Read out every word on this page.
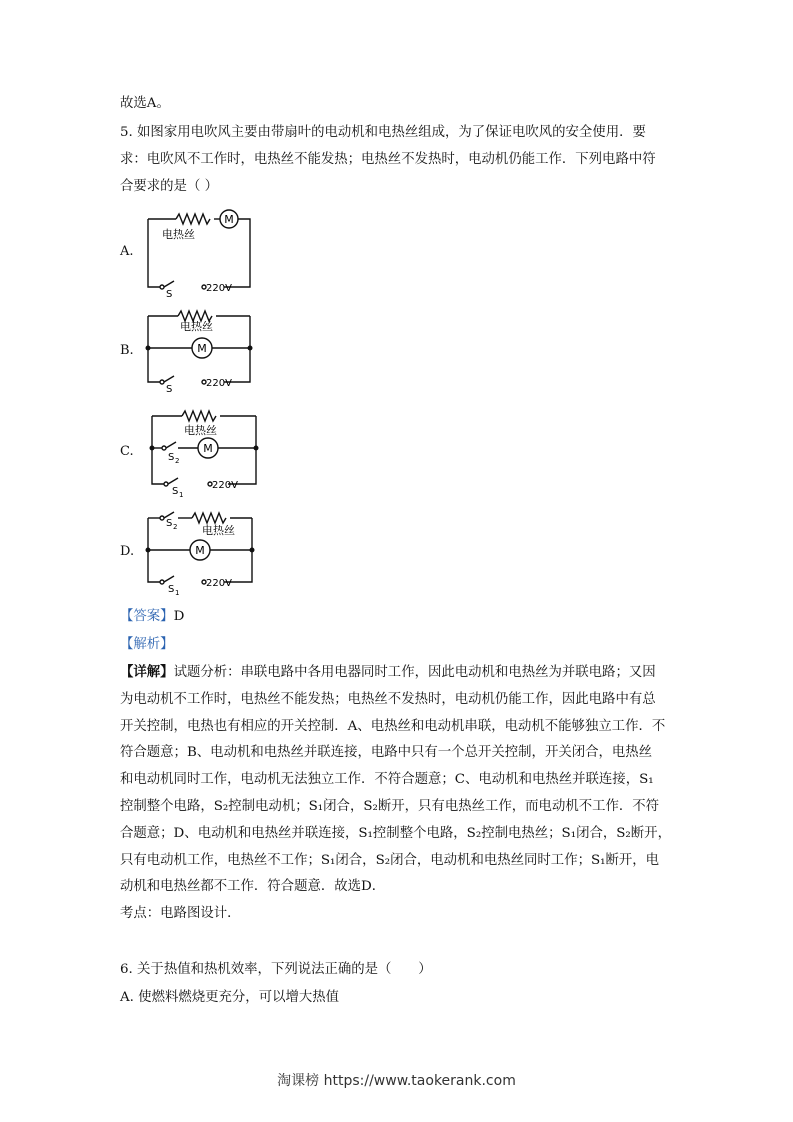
故选A。
5. 如图家用电吹风主要由带扇叶的电动机和电热丝组成，为了保证电吹风的安全使用．要
求：电吹风不工作时，电热丝不能发热；电热丝不发热时，电动机仍能工作．下列电路中符
合要求的是（ ）
A.
M
电热丝
S
220V
B.
电热丝
M
S
220V
C.
电热丝
M
S 2
S 1
220V
D.
S 2 电热丝
M
S 1
220V
【答案】D
【解析】
【详解】试题分析：串联电路中各用电器同时工作，因此电动机和电热丝为并联电路；又因
为电动机不工作时，电热丝不能发热；电热丝不发热时，电动机仍能工作，因此电路中有总
开关控制，电热也有相应的开关控制．A、电热丝和电动机串联，电动机不能够独立工作．不
符合题意；B、电动机和电热丝并联连接，电路中只有一个总开关控制，开关闭合，电热丝
和电动机同时工作，电动机无法独立工作．不符合题意；C、电动机和电热丝并联连接，S₁
控制整个电路，S₂控制电动机；S₁闭合，S₂断开，只有电热丝工作，而电动机不工作．不符
合题意；D、电动机和电热丝并联连接，S₁控制整个电路，S₂控制电热丝；S₁闭合，S₂断开，
只有电动机工作，电热丝不工作；S₁闭合，S₂闭合，电动机和电热丝同时工作；S₁断开，电
动机和电热丝都不工作．符合题意．故选D．
考点：电路图设计．
6. 关于热值和热机效率，下列说法正确的是（　　）
A. 使燃料燃烧更充分，可以增大热值
淘课榜 https://www.taokerank.com
